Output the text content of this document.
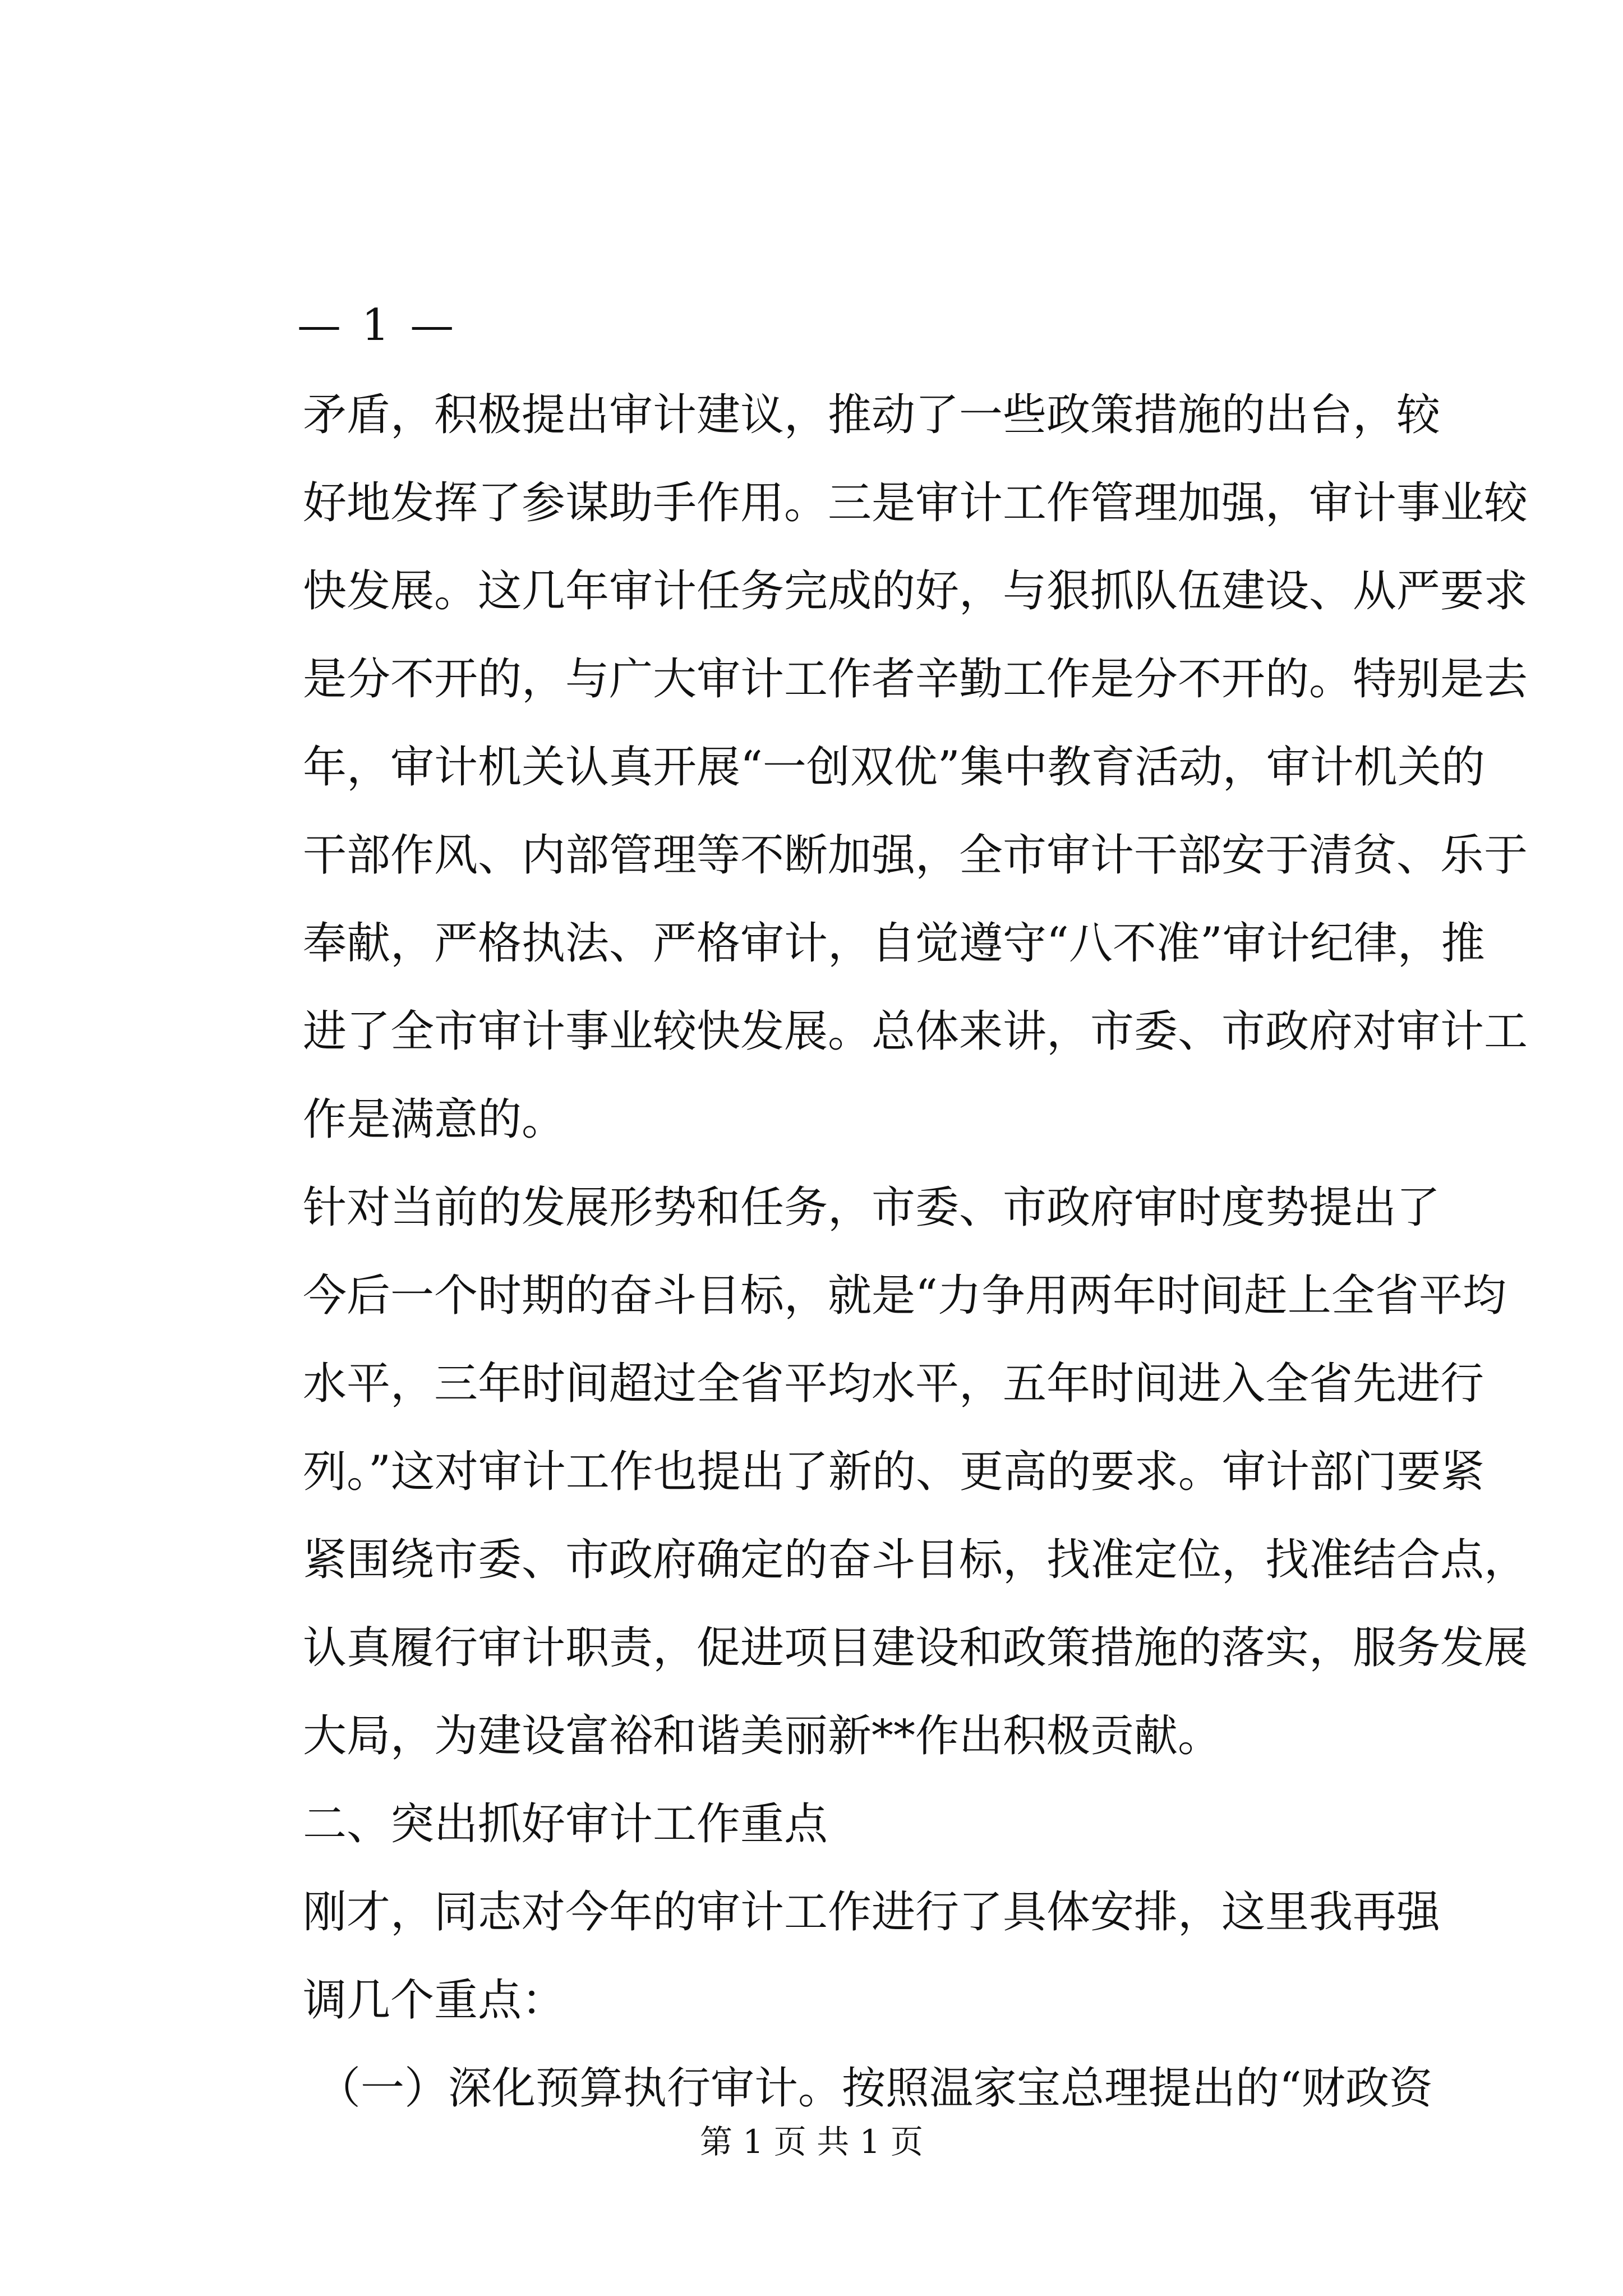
— 1 —
矛盾，积极提出审计建议，推动了一些政策措施的出台，较
好地发挥了参谋助手作用。三是审计工作管理加强，审计事业较
快发展。这几年审计任务完成的好，与狠抓队伍建设、从严要求
是分不开的，与广大审计工作者辛勤工作是分不开的。特别是去
年，审计机关认真开展“一创双优”集中教育活动，审计机关的
干部作风、内部管理等不断加强，全市审计干部安于清贫、乐于
奉献，严格执法、严格审计，自觉遵守“八不准”审计纪律，推
进了全市审计事业较快发展。总体来讲，市委、市政府对审计工
作是满意的。
针对当前的发展形势和任务，市委、市政府审时度势提出了
今后一个时期的奋斗目标，就是“力争用两年时间赶上全省平均
水平，三年时间超过全省平均水平，五年时间进入全省先进行
列。”这对审计工作也提出了新的、更高的要求。审计部门要紧
紧围绕市委、市政府确定的奋斗目标，找准定位，找准结合点，
认真履行审计职责，促进项目建设和政策措施的落实，服务发展
大局，为建设富裕和谐美丽新**作出积极贡献。
二、突出抓好审计工作重点
刚才，同志对今年的审计工作进行了具体安排，这里我再强
调几个重点：
（一）深化预算执行审计。按照温家宝总理提出的“财政资
第 1 页 共 1 页
